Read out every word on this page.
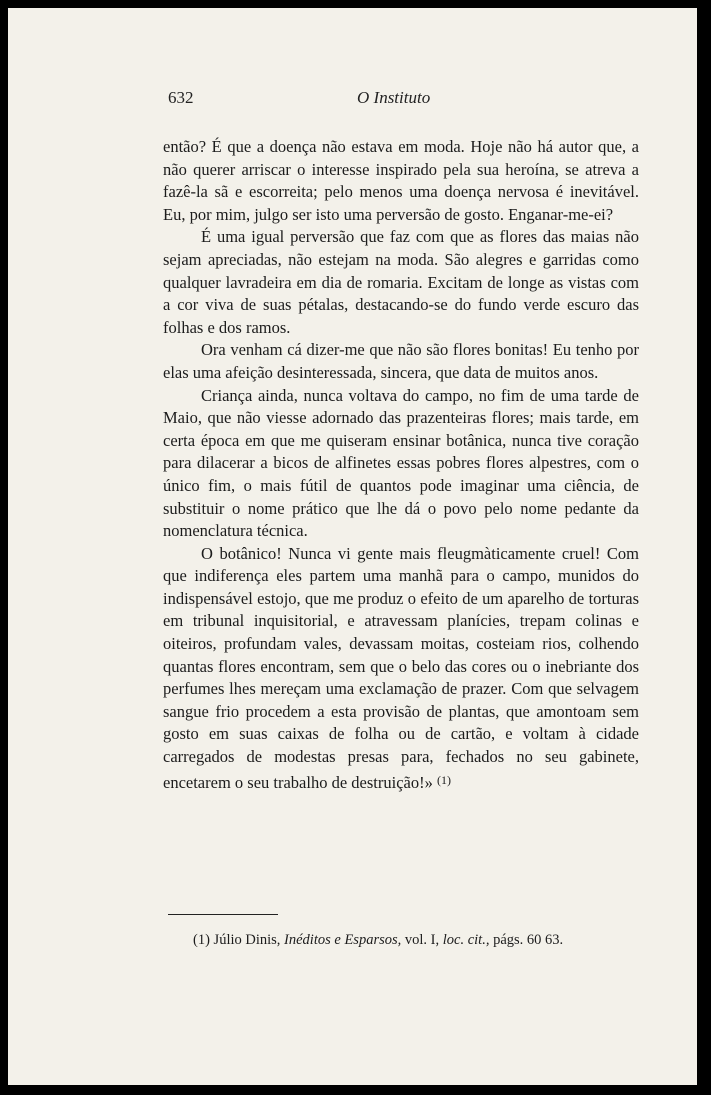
632	O Instituto

então? É que a doença não estava em moda. Hoje não há autor que, a não querer arriscar o interesse inspirado pela sua heroína, se atreva a fazê-la sã e escorreita; pelo menos uma doença nervosa é inevitável. Eu, por mim, julgo ser isto uma perversão de gosto. Enganar-me-ei?

É uma igual perversão que faz com que as flores das maias não sejam apreciadas, não estejam na moda. São alegres e garridas como qualquer lavradeira em dia de romaria. Excitam de longe as vistas com a cor viva de suas pétalas, destacando-se do fundo verde escuro das folhas e dos ramos.

Ora venham cá dizer-me que não são flores bonitas! Eu tenho por elas uma afeição desinteressada, sincera, que data de muitos anos.

Criança ainda, nunca voltava do campo, no fim de uma tarde de Maio, que não viesse adornado das prazenteiras flores; mais tarde, em certa época em que me quiseram ensinar botânica, nunca tive coração para dilacerar a bicos de alfinetes essas pobres flores alpestres, com o único fim, o mais fútil de quantos pode imaginar uma ciência, de substituir o nome prático que lhe dá o povo pelo nome pedante da nomenclatura técnica.

O botânico! Nunca vi gente mais fleugmàticamente cruel! Com que indiferença eles partem uma manhã para o campo, munidos do indispensável estojo, que me produz o efeito de um aparelho de torturas em tribunal inquisitorial, e atravessam planícies, trepam colinas e oiteiros, profundam vales, devassam moitas, costeiam rios, colhendo quantas flores encontram, sem que o belo das cores ou o inebriante dos perfumes lhes mereçam uma exclamação de prazer. Com que selvagem sangue frio procedem a esta provisão de plantas, que amontoam sem gosto em suas caixas de folha ou de cartão, e voltam à cidade carregados de modestas presas para, fechados no seu gabinete, encetarem o seu trabalho de destruição!» $^{(1)}$

(1) Júlio Dinis, Inéditos e Esparsos, vol. I, loc. cit., págs. 60 63.
